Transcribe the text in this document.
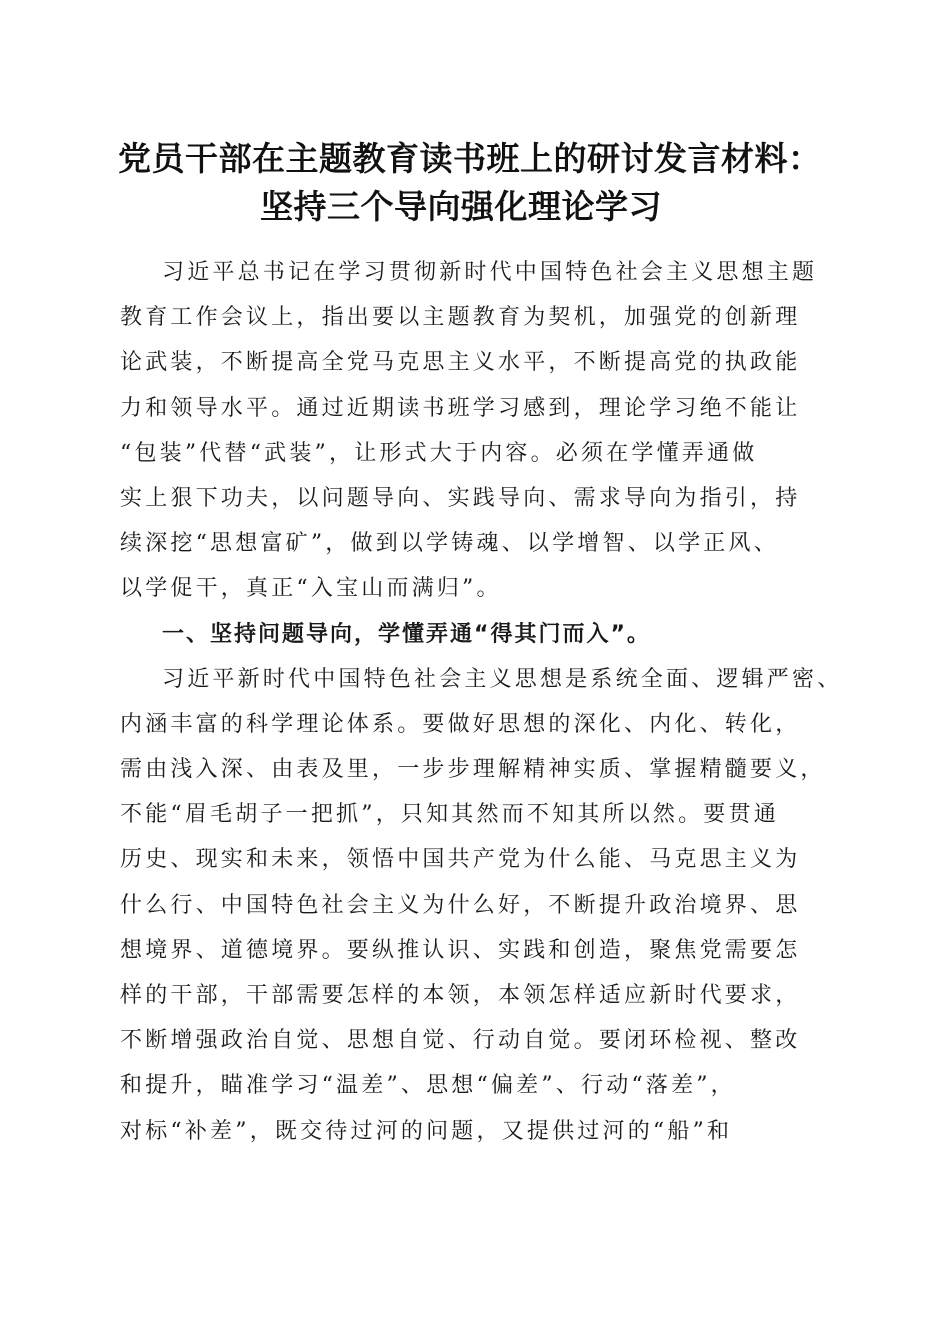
党员干部在主题教育读书班上的研讨发言材料：
坚持三个导向强化理论学习
习近平总书记在学习贯彻新时代中国特色社会主义思想主题
教育工作会议上，指出要以主题教育为契机，加强党的创新理
论武装，不断提高全党马克思主义水平，不断提高党的执政能
力和领导水平。通过近期读书班学习感到，理论学习绝不能让
“包装”代替“武装”，让形式大于内容。必须在学懂弄通做
实上狠下功夫，以问题导向、实践导向、需求导向为指引，持
续深挖“思想富矿”，做到以学铸魂、以学增智、以学正风、
以学促干，真正“入宝山而满归”。
一、坚持问题导向，学懂弄通“得其门而入”。
习近平新时代中国特色社会主义思想是系统全面、逻辑严密、
内涵丰富的科学理论体系。要做好思想的深化、内化、转化，
需由浅入深、由表及里，一步步理解精神实质、掌握精髓要义，
不能“眉毛胡子一把抓”，只知其然而不知其所以然。要贯通
历史、现实和未来，领悟中国共产党为什么能、马克思主义为
什么行、中国特色社会主义为什么好，不断提升政治境界、思
想境界、道德境界。要纵推认识、实践和创造，聚焦党需要怎
样的干部，干部需要怎样的本领，本领怎样适应新时代要求，
不断增强政治自觉、思想自觉、行动自觉。要闭环检视、整改
和提升，瞄准学习“温差”、思想“偏差”、行动“落差”，
对标“补差”，既交待过河的问题，又提供过河的“船”和
